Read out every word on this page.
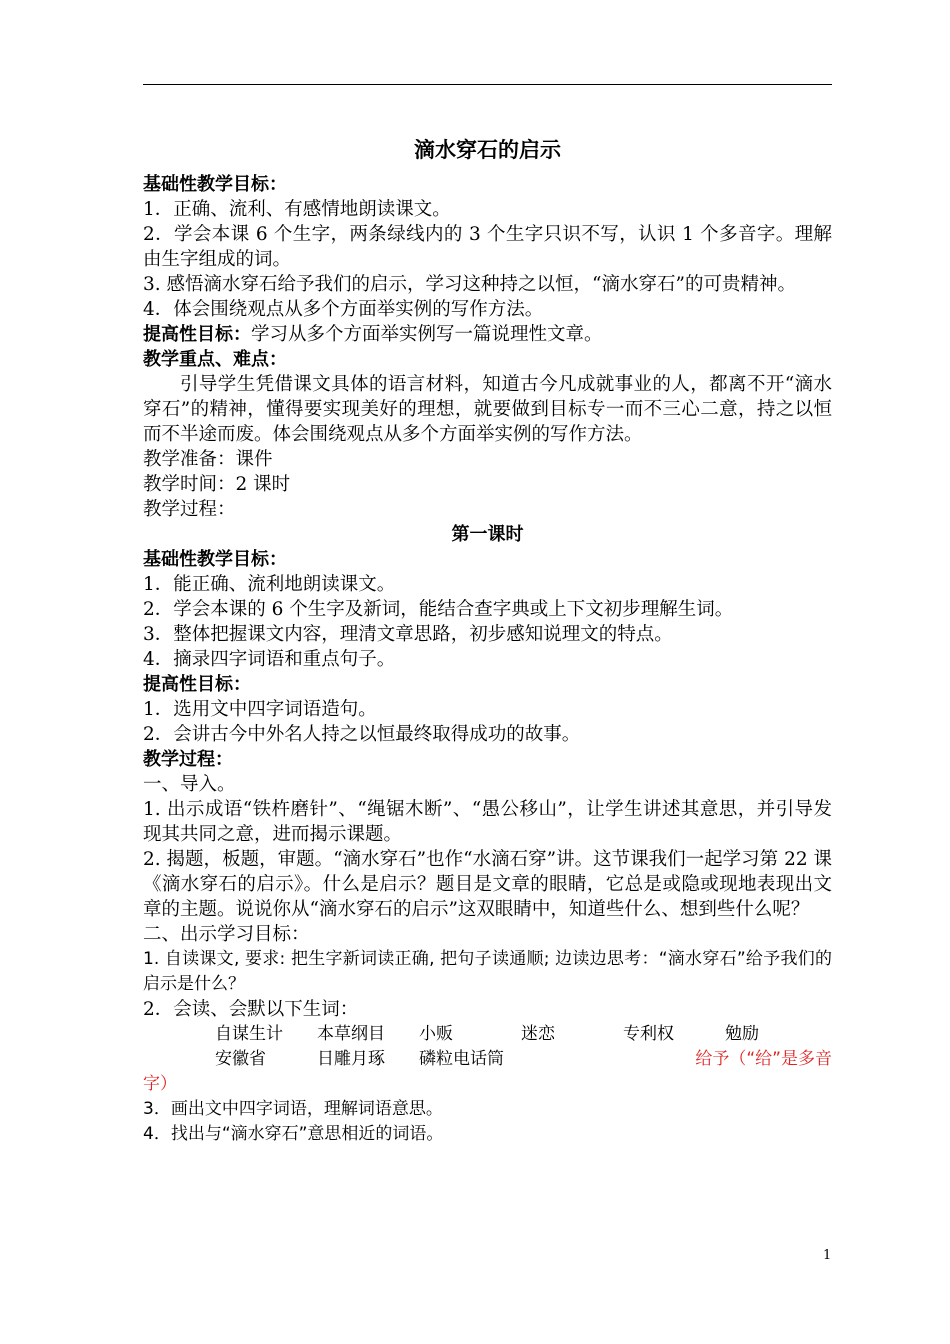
滴水穿石的启示

基础性教学目标：

1．正确、流利、有感情地朗读课文。

2．学会本课 6 个生字，两条绿线内的 3 个生字只识不写，认识 1 个多音字。理解由生字组成的词。

3. 感悟滴水穿石给予我们的启示，学习这种持之以恒，“滴水穿石”的可贵精神。

4．体会围绕观点从多个方面举实例的写作方法。

提高性目标：学习从多个方面举实例写一篇说理性文章。

教学重点、难点：

引导学生凭借课文具体的语言材料，知道古今凡成就事业的人，都离不开“滴水穿石”的精神，懂得要实现美好的理想，就要做到目标专一而不三心二意，持之以恒而不半途而废。体会围绕观点从多个方面举实例的写作方法。

教学准备：课件

教学时间：2 课时

教学过程：

第一课时

基础性教学目标：

1．能正确、流利地朗读课文。

2．学会本课的 6 个生字及新词，能结合查字典或上下文初步理解生词。

3．整体把握课文内容，理清文章思路，初步感知说理文的特点。

4．摘录四字词语和重点句子。

提高性目标：

1．选用文中四字词语造句。

2．会讲古今中外名人持之以恒最终取得成功的故事。

教学过程：

一、导入。

1. 出示成语“铁杵磨针”、“绳锯木断”、“愚公移山”，让学生讲述其意思，并引导发现其共同之意，进而揭示课题。

2. 揭题，板题，审题。“滴水穿石”也作“水滴石穿”讲。这节课我们一起学习第 22 课《滴水穿石的启示》。什么是启示？题目是文章的眼睛，它总是或隐或现地表现出文章的主题。说说你从“滴水穿石的启示”这双眼睛中，知道些什么、想到些什么呢？

二、出示学习目标：

1. 自读课文, 要求: 把生字新词读正确, 把句子读通顺; 边读边思考：“滴水穿石”给予我们的启示是什么？

2．会读、会默以下生词：

自谋生计 本草纲目 小贩	迷恋	专利权	勉励

安徽省	日雕月琢 磷粒电话筒	给予（“给”是多音

字）

3．画出文中四字词语，理解词语意思。

4．找出与“滴水穿石”意思相近的词语。

1
